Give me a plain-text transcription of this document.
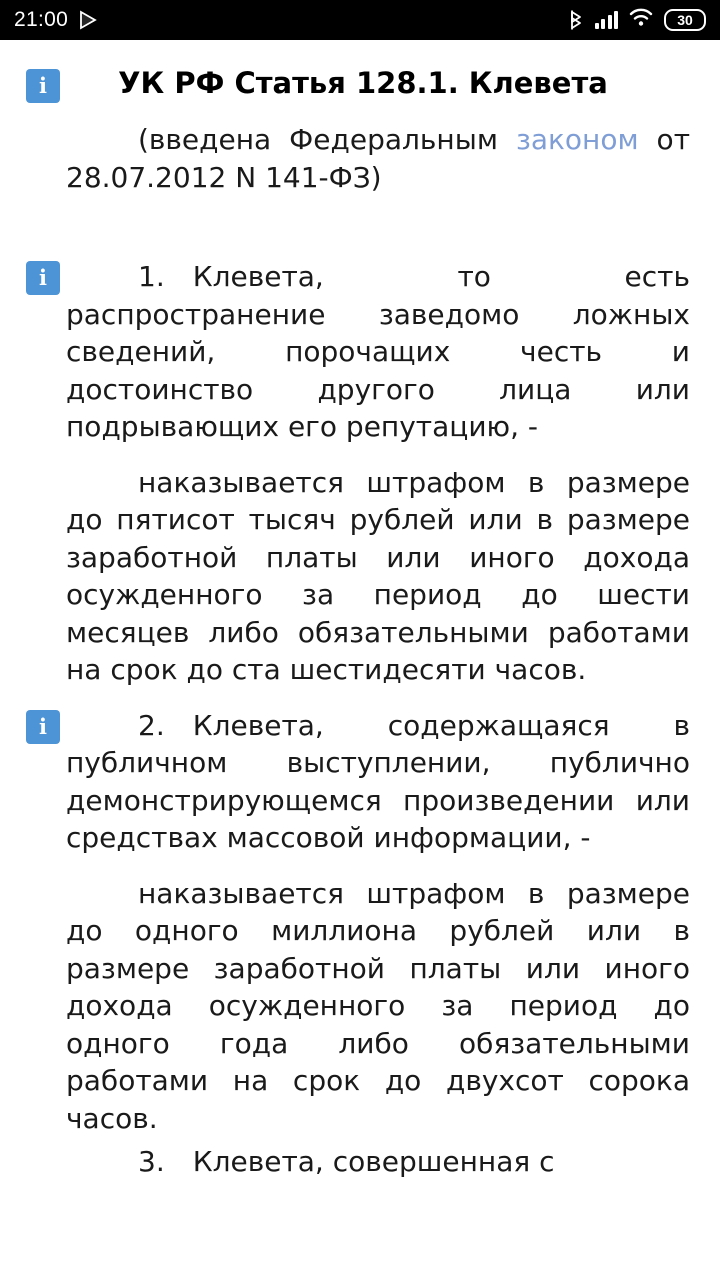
21:00	30
i	УК РФ Статья 128.1. Клевета

(введена Федеральным законом от 28.07.2012 N 141-ФЗ)

i	1. Клевета, то есть распространение заведомо ложных сведений, порочащих честь и достоинство другого лица или подрывающих его репутацию, -

наказывается штрафом в размере до пятисот тысяч рублей или в размере заработной платы или иного дохода осужденного за период до шести месяцев либо обязательными работами на срок до ста шестидесяти часов.

i	2. Клевета, содержащаяся в публичном выступлении, публично демонстрирующемся произведении или средствах массовой информации, -

наказывается штрафом в размере до одного миллиона рублей или в размере заработной платы или иного дохода осужденного за период до одного года либо обязательными работами на срок до двухсот сорока часов.

3. Клевета, совершенная с
